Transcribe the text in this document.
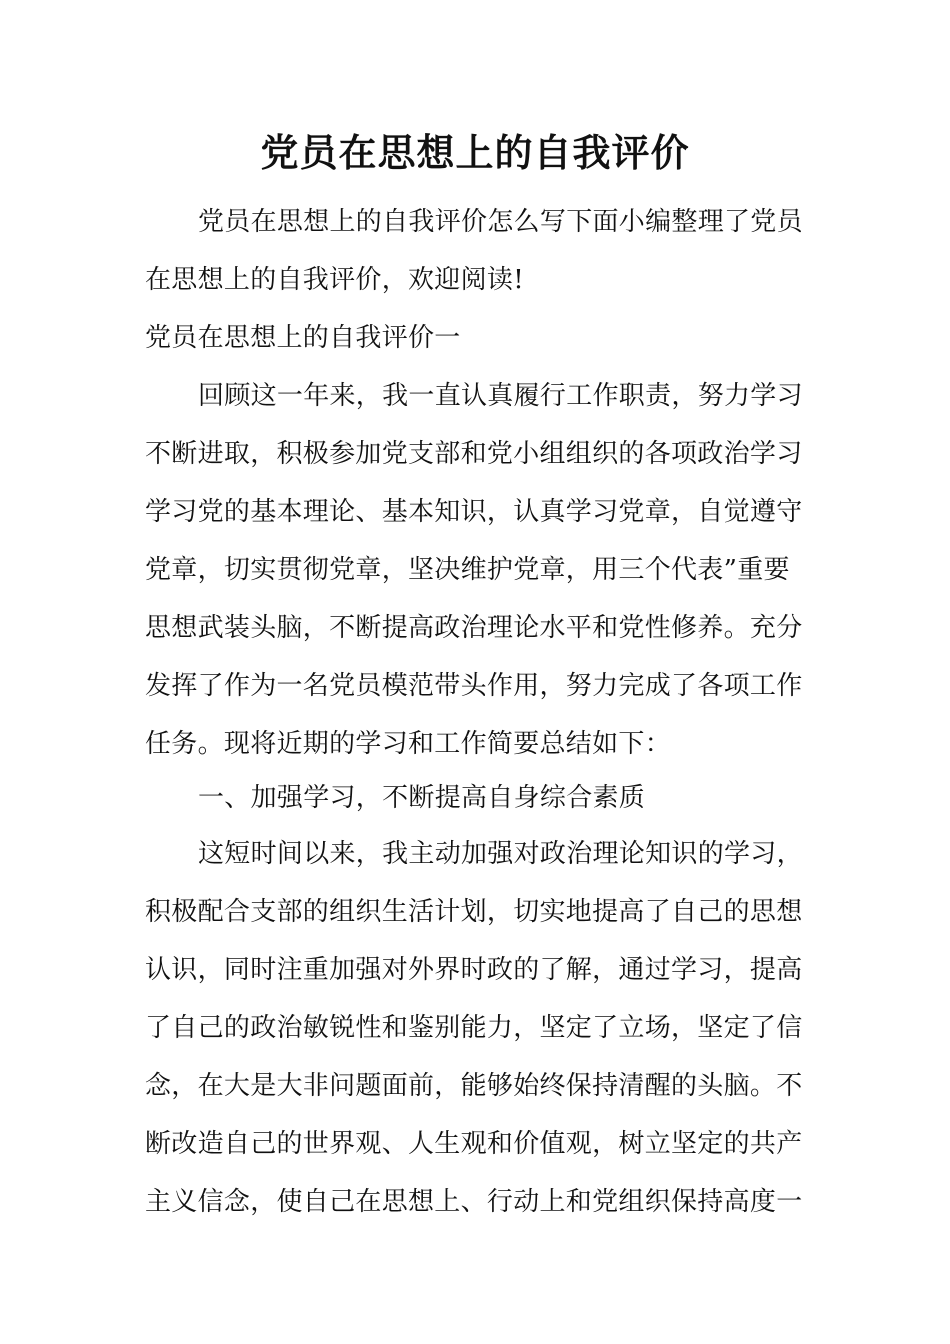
党员在思想上的自我评价
党员在思想上的自我评价怎么写下面小编整理了党员
在思想上的自我评价，欢迎阅读!
党员在思想上的自我评价一
回顾这一年来，我一直认真履行工作职责，努力学习
不断进取，积极参加党支部和党小组组织的各项政治学习
学习党的基本理论、基本知识，认真学习党章，自觉遵守
党章，切实贯彻党章，坚决维护党章，用三个代表”重要
思想武装头脑，不断提高政治理论水平和党性修养。充分
发挥了作为一名党员模范带头作用，努力完成了各项工作
任务。现将近期的学习和工作简要总结如下：
一、加强学习，不断提高自身综合素质
这短时间以来，我主动加强对政治理论知识的学习，
积极配合支部的组织生活计划，切实地提高了自己的思想
认识，同时注重加强对外界时政的了解，通过学习，提高
了自己的政治敏锐性和鉴别能力，坚定了立场，坚定了信
念，在大是大非问题面前，能够始终保持清醒的头脑。不
断改造自己的世界观、人生观和价值观，树立坚定的共产
主义信念，使自己在思想上、行动上和党组织保持高度一
